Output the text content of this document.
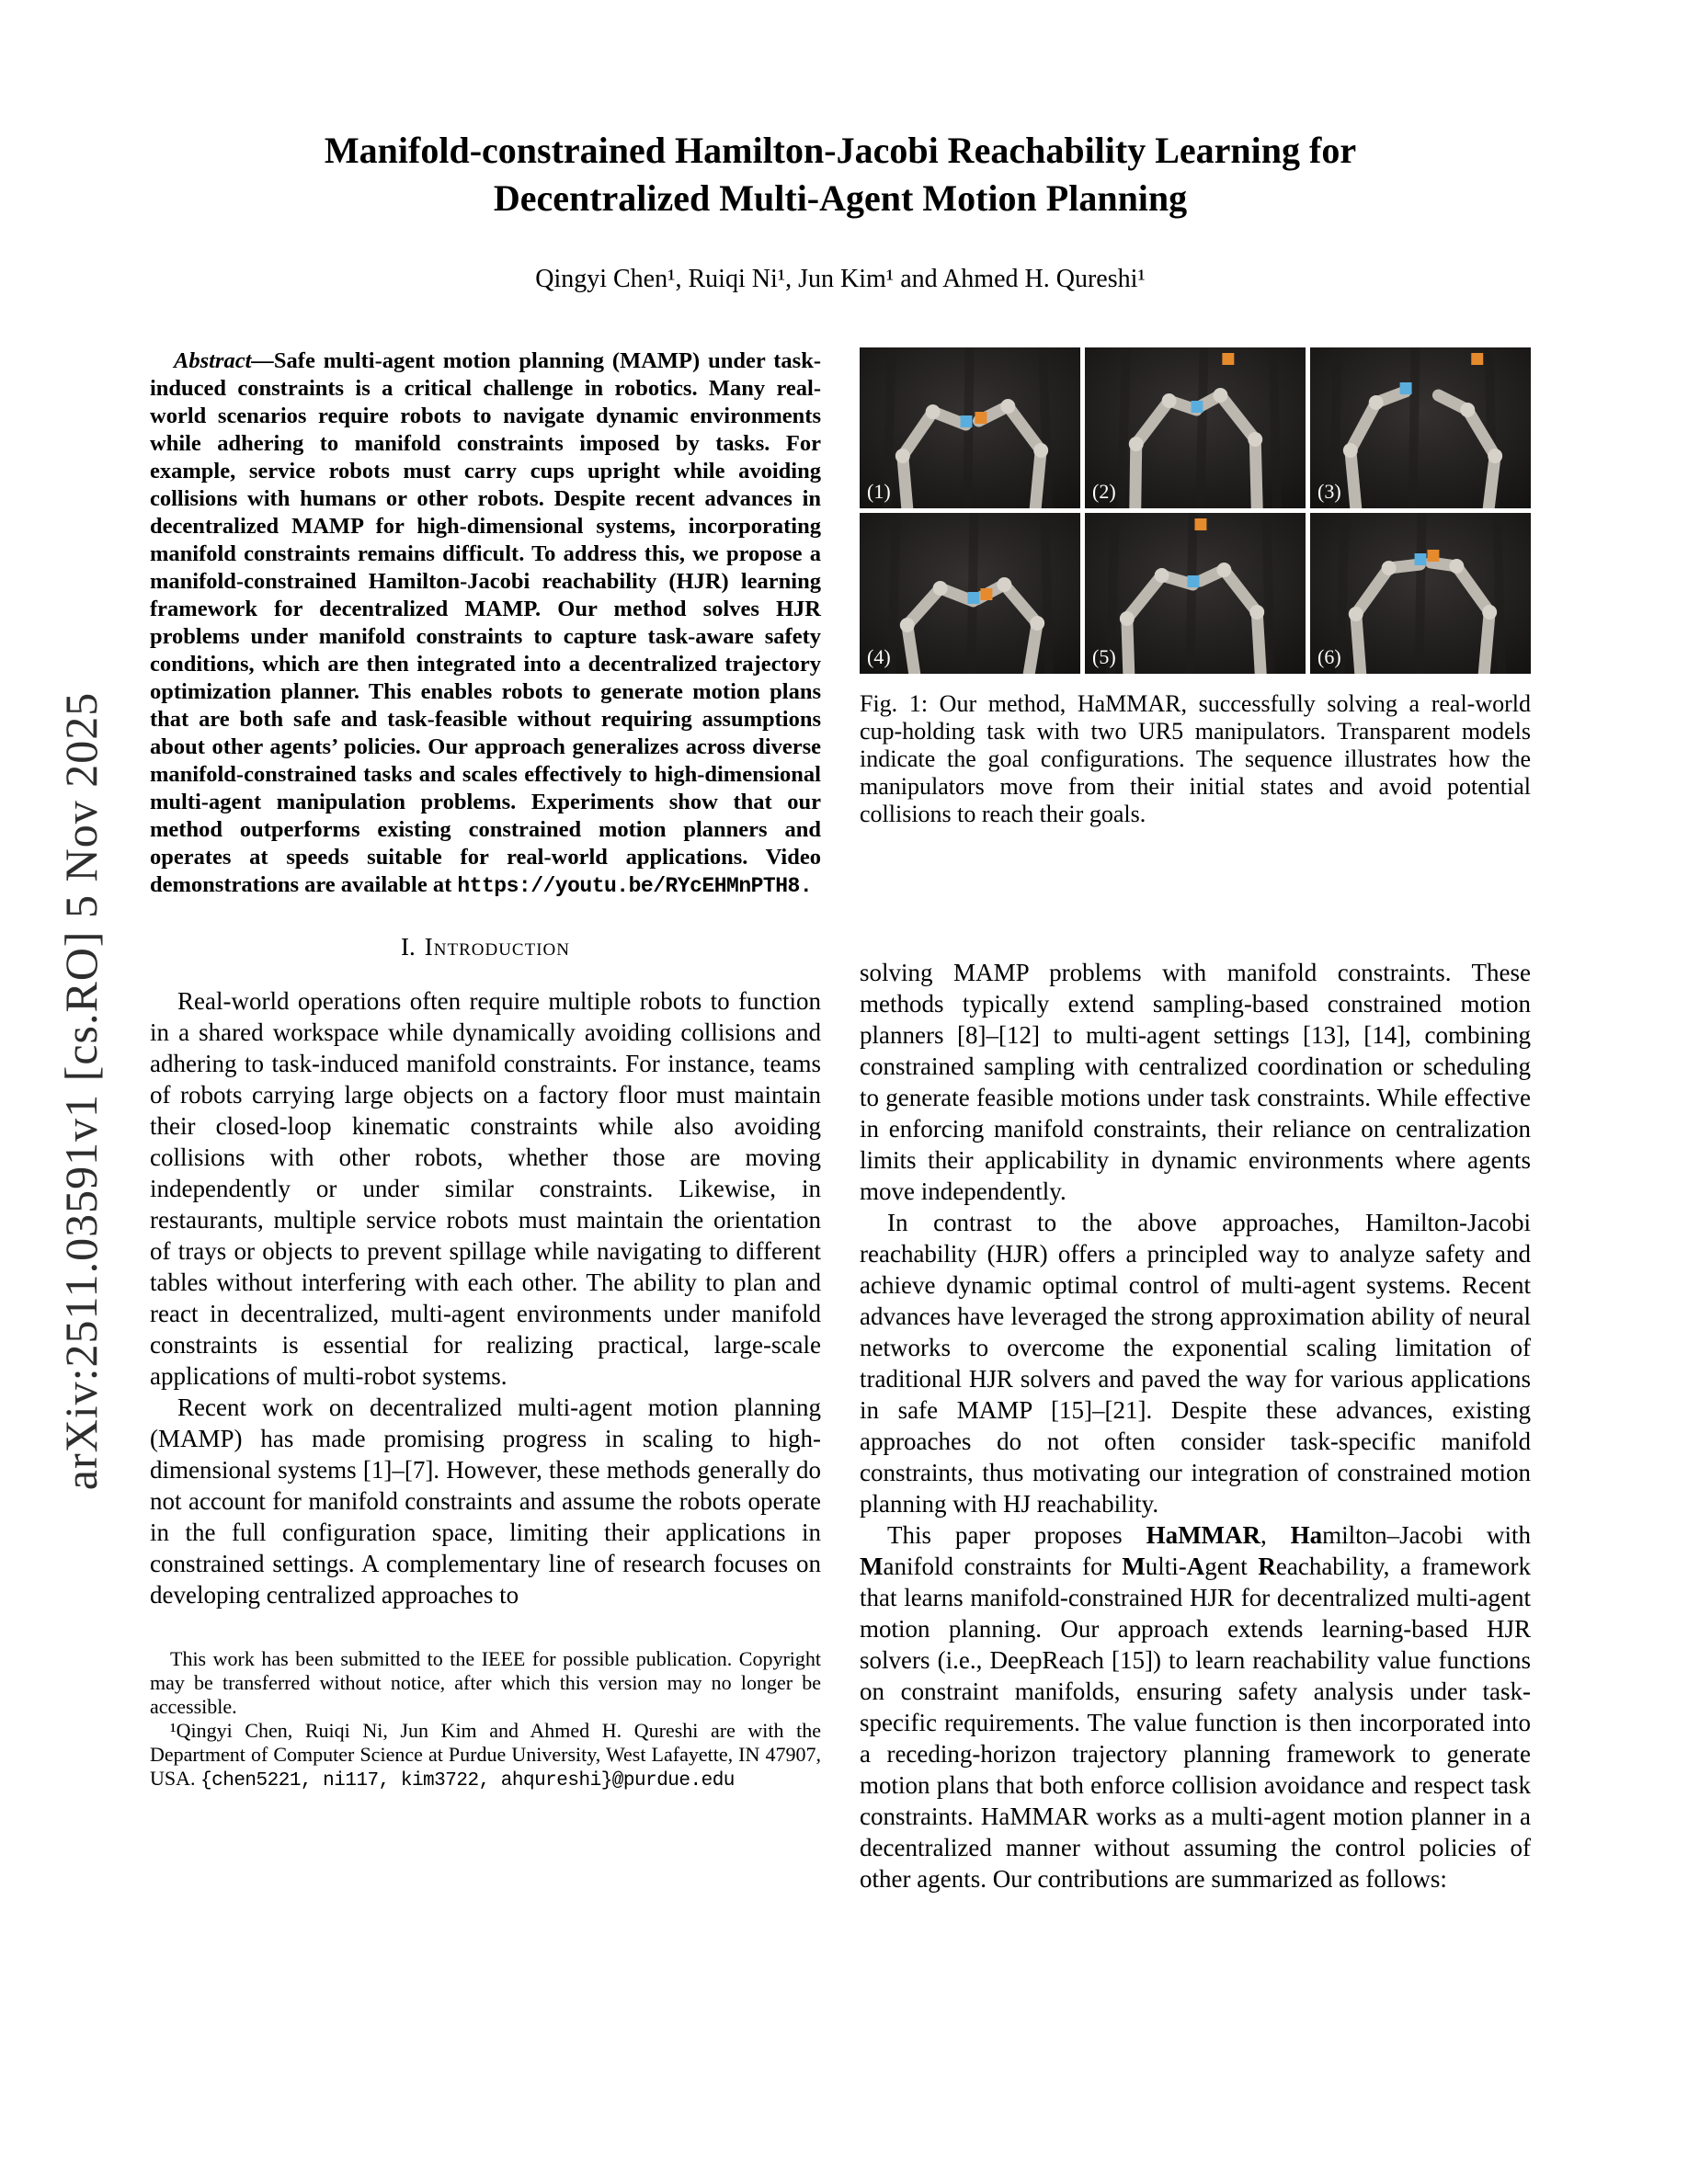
arXiv:2511.03591v1 [cs.RO] 5 Nov 2025
Manifold-constrained Hamilton-Jacobi Reachability Learning for Decentralized Multi-Agent Motion Planning
Qingyi Chen¹, Ruiqi Ni¹, Jun Kim¹ and Ahmed H. Qureshi¹

Abstract—Safe multi-agent motion planning (MAMP) under task-induced constraints is a critical challenge in robotics. Many real-world scenarios require robots to navigate dynamic environments while adhering to manifold constraints imposed by tasks. For example, service robots must carry cups upright while avoiding collisions with humans or other robots. Despite recent advances in decentralized MAMP for high-dimensional systems, incorporating manifold constraints remains difficult. To address this, we propose a manifold-constrained Hamilton-Jacobi reachability (HJR) learning framework for decentralized MAMP. Our method solves HJR problems under manifold constraints to capture task-aware safety conditions, which are then integrated into a decentralized trajectory optimization planner. This enables robots to generate motion plans that are both safe and task-feasible without requiring assumptions about other agents’ policies. Our approach generalizes across diverse manifold-constrained tasks and scales effectively to high-dimensional multi-agent manipulation problems. Experiments show that our method outperforms existing constrained motion planners and operates at speeds suitable for real-world applications. Video demonstrations are available at https://youtu.be/RYcEHMnPTH8.

I. Introduction

Real-world operations often require multiple robots to function in a shared workspace while dynamically avoiding collisions and adhering to task-induced manifold constraints. For instance, teams of robots carrying large objects on a factory floor must maintain their closed-loop kinematic constraints while also avoiding collisions with other robots, whether those are moving independently or under similar constraints. Likewise, in restaurants, multiple service robots must maintain the orientation of trays or objects to prevent spillage while navigating to different tables without interfering with each other. The ability to plan and react in decentralized, multi-agent environments under manifold constraints is essential for realizing practical, large-scale applications of multi-robot systems.

Recent work on decentralized multi-agent motion planning (MAMP) has made promising progress in scaling to high-dimensional systems [1]–[7]. However, these methods generally do not account for manifold constraints and assume the robots operate in the full configuration space, limiting their applications in constrained settings. A complementary line of research focuses on developing centralized approaches to

This work has been submitted to the IEEE for possible publication. Copyright may be transferred without notice, after which this version may no longer be accessible.

¹Qingyi Chen, Ruiqi Ni, Jun Kim and Ahmed H. Qureshi are with the Department of Computer Science at Purdue University, West Lafayette, IN 47907, USA. {chen5221, ni117, kim3722, ahqureshi}@purdue.edu

(1)	(2)	(3)
(4)	(5)	(6)
Fig. 1: Our method, HaMMAR, successfully solving a real-world cup-holding task with two UR5 manipulators. Transparent models indicate the goal configurations. The sequence illustrates how the manipulators move from their initial states and avoid potential collisions to reach their goals.

solving MAMP problems with manifold constraints. These methods typically extend sampling-based constrained motion planners [8]–[12] to multi-agent settings [13], [14], combining constrained sampling with centralized coordination or scheduling to generate feasible motions under task constraints. While effective in enforcing manifold constraints, their reliance on centralization limits their applicability in dynamic environments where agents move independently.

In contrast to the above approaches, Hamilton-Jacobi reachability (HJR) offers a principled way to analyze safety and achieve dynamic optimal control of multi-agent systems. Recent advances have leveraged the strong approximation ability of neural networks to overcome the exponential scaling limitation of traditional HJR solvers and paved the way for various applications in safe MAMP [15]–[21]. Despite these advances, existing approaches do not often consider task-specific manifold constraints, thus motivating our integration of constrained motion planning with HJ reachability.

This paper proposes HaMMAR, Hamilton–Jacobi with Manifold constraints for Multi-Agent Reachability, a framework that learns manifold-constrained HJR for decentralized multi-agent motion planning. Our approach extends learning-based HJR solvers (i.e., DeepReach [15]) to learn reachability value functions on constraint manifolds, ensuring safety analysis under task-specific requirements. The value function is then incorporated into a receding-horizon trajectory planning framework to generate motion plans that both enforce collision avoidance and respect task constraints. HaMMAR works as a multi-agent motion planner in a decentralized manner without assuming the control policies of other agents. Our contributions are summarized as follows:
